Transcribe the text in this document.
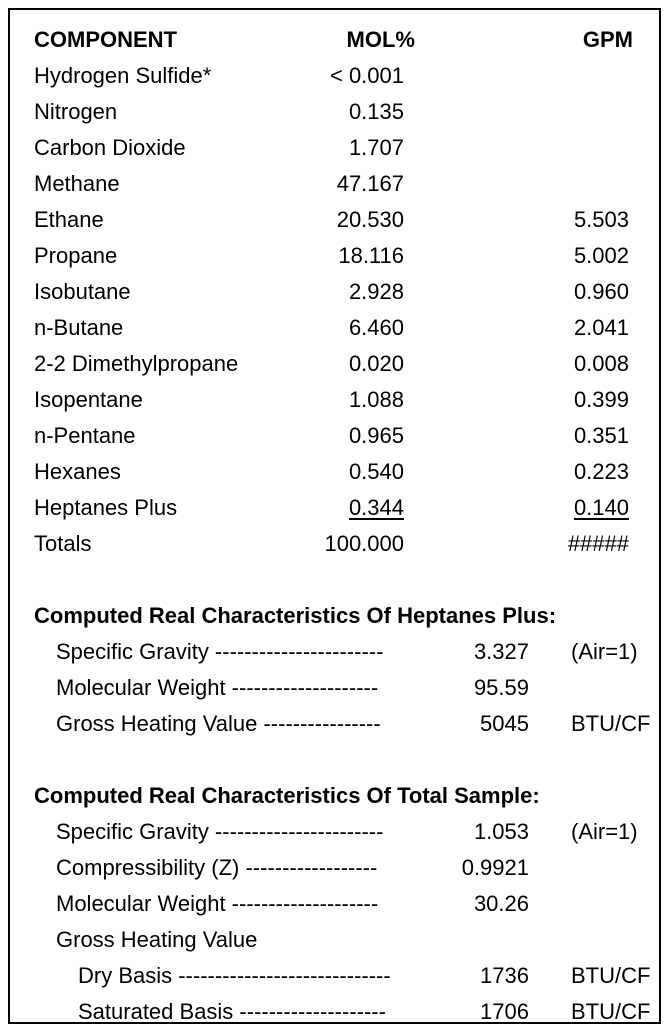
COMPONENT	MOL%	GPM
Hydrogen Sulfide*	< 0.001
Nitrogen	0.135
Carbon Dioxide	1.707
Methane	47.167
Ethane	20.530	5.503
Propane	18.116	5.002
Isobutane	2.928	0.960
n-Butane	6.460	2.041
2-2 Dimethylpropane	0.020	0.008
Isopentane	1.088	0.399
n-Pentane	0.965	0.351
Hexanes	0.540	0.223
Heptanes Plus	0.344	0.140
Totals	100.000	#####
Computed Real Characteristics Of Heptanes Plus:
Specific Gravity -----------------------	3.327 (Air=1)
Molecular Weight --------------------	95.59
Gross Heating Value ----------------	5045 BTU/CF
Computed Real Characteristics Of Total Sample:
Specific Gravity -----------------------	1.053 (Air=1)
Compressibility (Z) ------------------	0.9921
Molecular Weight --------------------	30.26
Gross Heating Value
Dry Basis -----------------------------	1736 BTU/CF
Saturated Basis --------------------	1706 BTU/CF
